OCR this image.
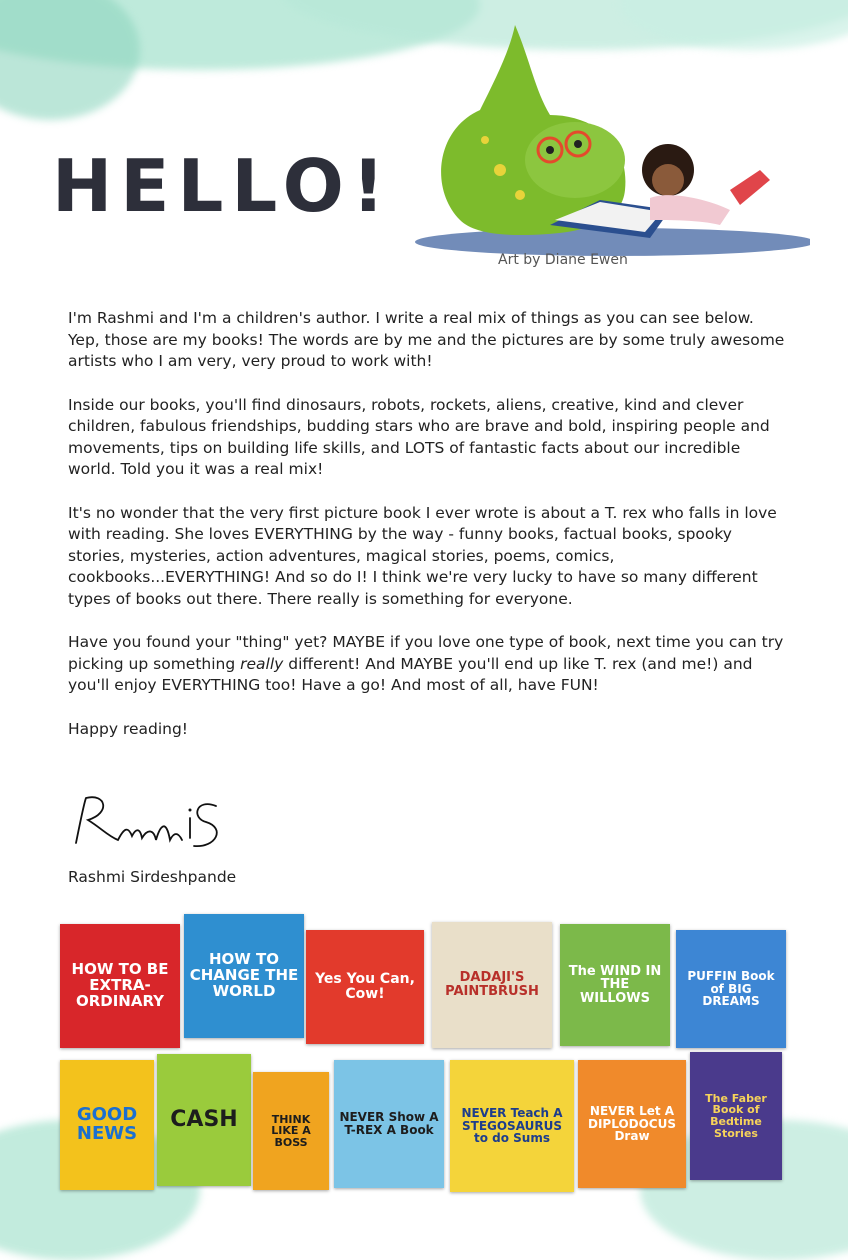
HELLO!
Art by Diane Ewen

I'm Rashmi and I'm a children's author. I write a real mix of things as you can see below. Yep, those are my books! The words are by me and the pictures are by some truly awesome artists who I am very, very proud to work with!

Inside our books, you'll find dinosaurs, robots, rockets, aliens, creative, kind and clever children, fabulous friendships, budding stars who are brave and bold, inspiring people and movements, tips on building life skills, and LOTS of fantastic facts about our incredible world. Told you it was a real mix!

It's no wonder that the very first picture book I ever wrote is about a T. rex who falls in love with reading. She loves EVERYTHING by the way - funny books, factual books, spooky stories, mysteries, action adventures, magical stories, poems, comics, cookbooks...EVERYTHING! And so do I! I think we're very lucky to have so many different types of books out there. There really is something for everyone.

Have you found your "thing" yet? MAYBE if you love one type of book, next time you can try picking up something really different! And MAYBE you'll end up like T. rex (and me!) and you'll enjoy EVERYTHING too! Have a go! And most of all, have FUN!

Happy reading!

Rashmi Sirdeshpande
HOW TO BE EXTRA-ORDINARY
HOW TO CHANGE THE WORLD
Yes You Can, Cow!
DADAJI'S PAINTBRUSH
The WIND IN THE WILLOWS
PUFFIN Book of BIG DREAMS
GOOD NEWS
CASH	THINK LIKE A BOSS
NEVER Show A T-REX A Book
NEVER Teach A STEGOSAURUS to do Sums
NEVER Let A DIPLODOCUS Draw
The Faber Book of Bedtime Stories
